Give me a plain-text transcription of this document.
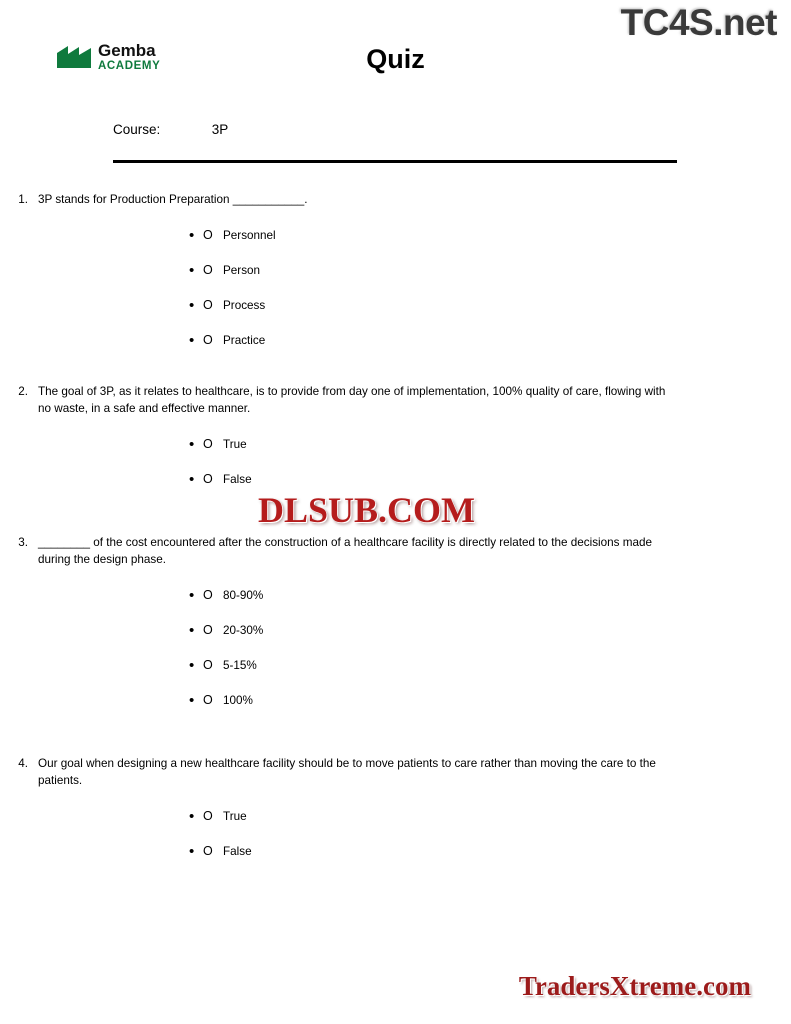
TC4S.net
Gemba
ACADEMY	Quiz
Course:	3P
1. 3P stands for Production Preparation ___________.
• O Personnel
• O Person
• O Process
• O Practice
2. The goal of 3P, as it relates to healthcare, is to provide from day one of implementation, 100% quality of care, flowing with no waste, in a safe and effective manner.
• O True
• O False
3. ________ of the cost encountered after the construction of a healthcare facility is directly related to the decisions made during the design phase.
• O 80-90%
• O 20-30%
• O 5-15%
• O 100%
4. Our goal when designing a new healthcare facility should be to move patients to care rather than moving the care to the patients.
• O True
• O False
DLSUB.COM
TradersXtreme.com
